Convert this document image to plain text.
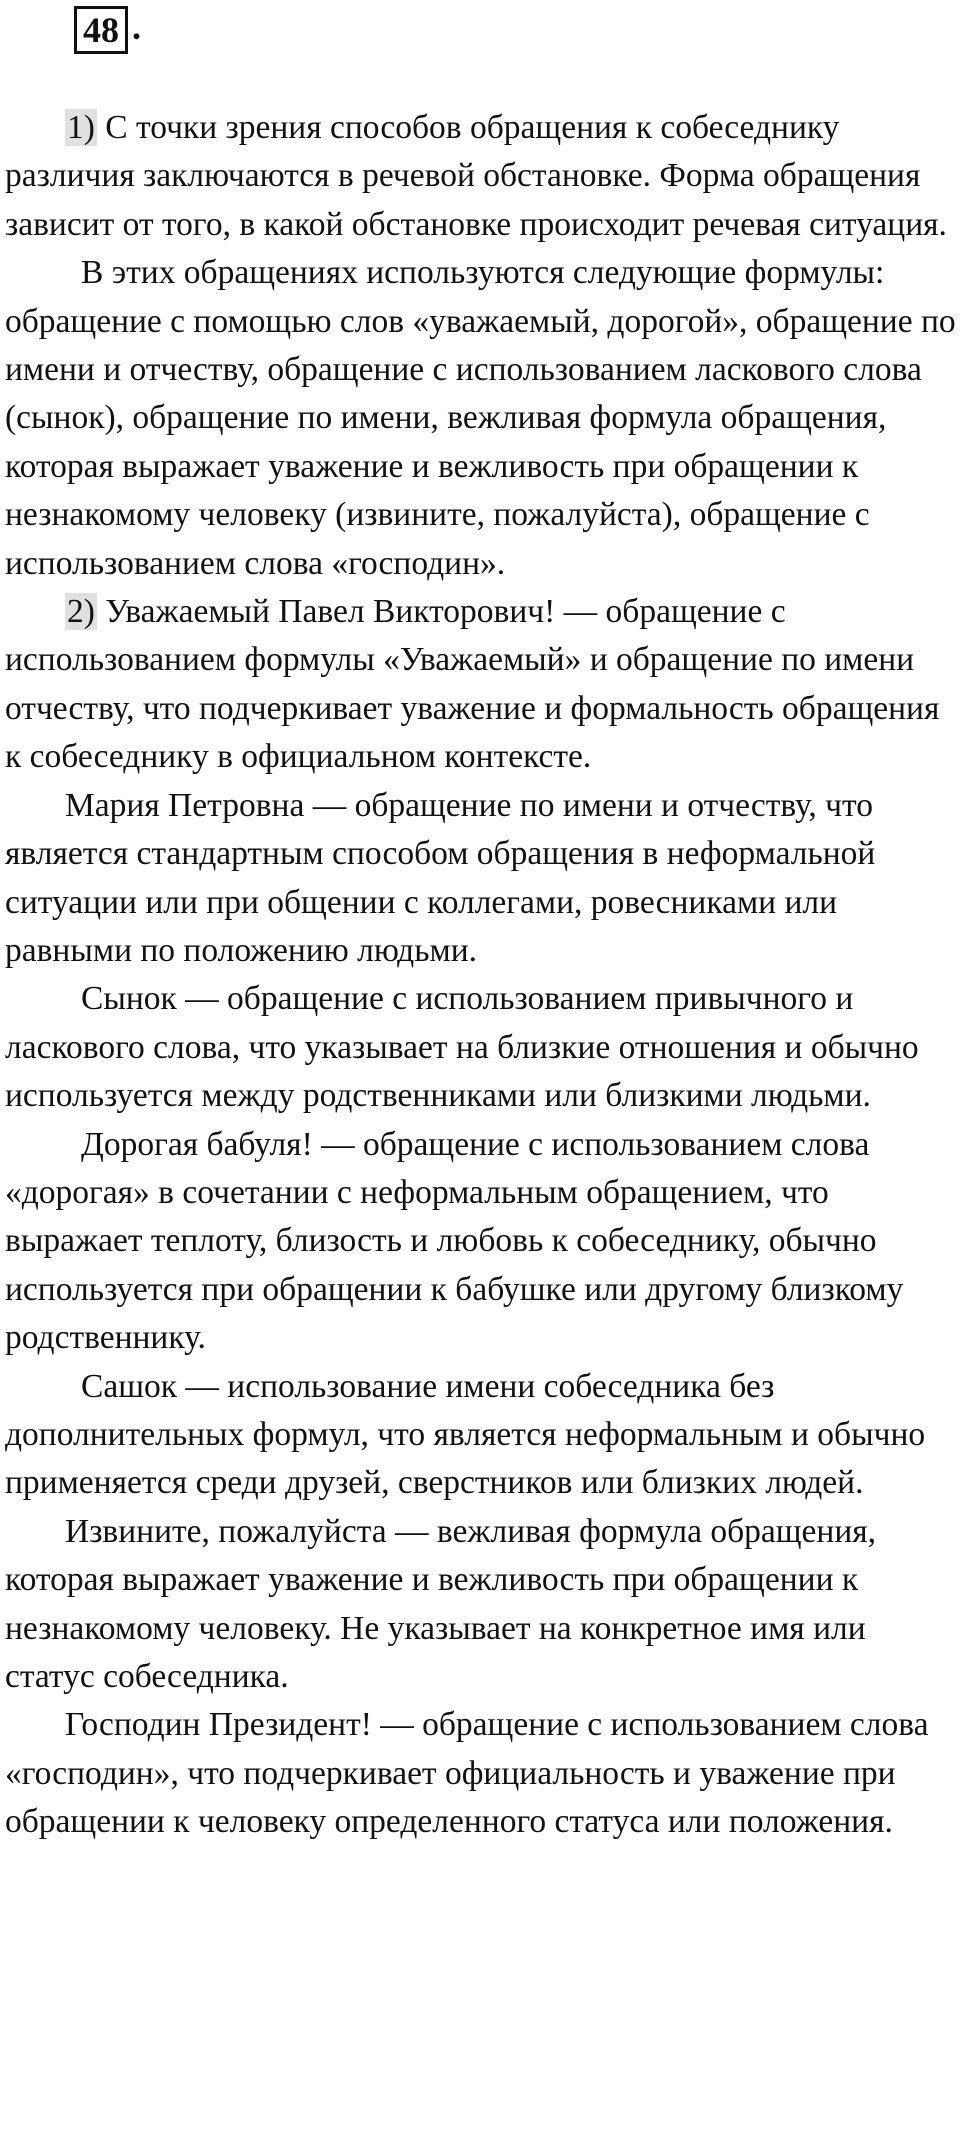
48 .

1) С точки зрения способов обращения к собеседнику различия заключаются в речевой обстановке. Форма обращения зависит от того, в какой обстановке происходит речевая ситуация.

В этих обращениях используются следующие формулы: обращение с помощью слов «уважаемый, дорогой», обращение по имени и отчеству, обращение с использованием ласкового слова (сынок), обращение по имени, вежливая формула обращения, которая выражает уважение и вежливость при обращении к незнакомому человеку (извините, пожалуйста), обращение с использованием слова «господин».

2) Уважаемый Павел Викторович! — обращение с использованием формулы «Уважаемый» и обращение по имени отчеству, что подчеркивает уважение и формальность обращения к собеседнику в официальном контексте.

Мария Петровна — обращение по имени и отчеству, что является стандартным способом обращения в неформальной ситуации или при общении с коллегами, ровесниками или равными по положению людьми.

Сынок — обращение с использованием привычного и ласкового слова, что указывает на близкие отношения и обычно используется между родственниками или близкими людьми.

Дорогая бабуля! — обращение с использованием слова «дорогая» в сочетании с неформальным обращением, что выражает теплоту, близость и любовь к собеседнику, обычно используется при обращении к бабушке или другому близкому родственнику.

Сашок — использование имени собеседника без дополнительных формул, что является неформальным и обычно применяется среди друзей, сверстников или близких людей.

Извините, пожалуйста — вежливая формула обращения, которая выражает уважение и вежливость при обращении к незнакомому человеку. Не указывает на конкретное имя или статус собеседника.

Господин Президент! — обращение с использованием слова «господин», что подчеркивает официальность и уважение при обращении к человеку определенного статуса или положения.
